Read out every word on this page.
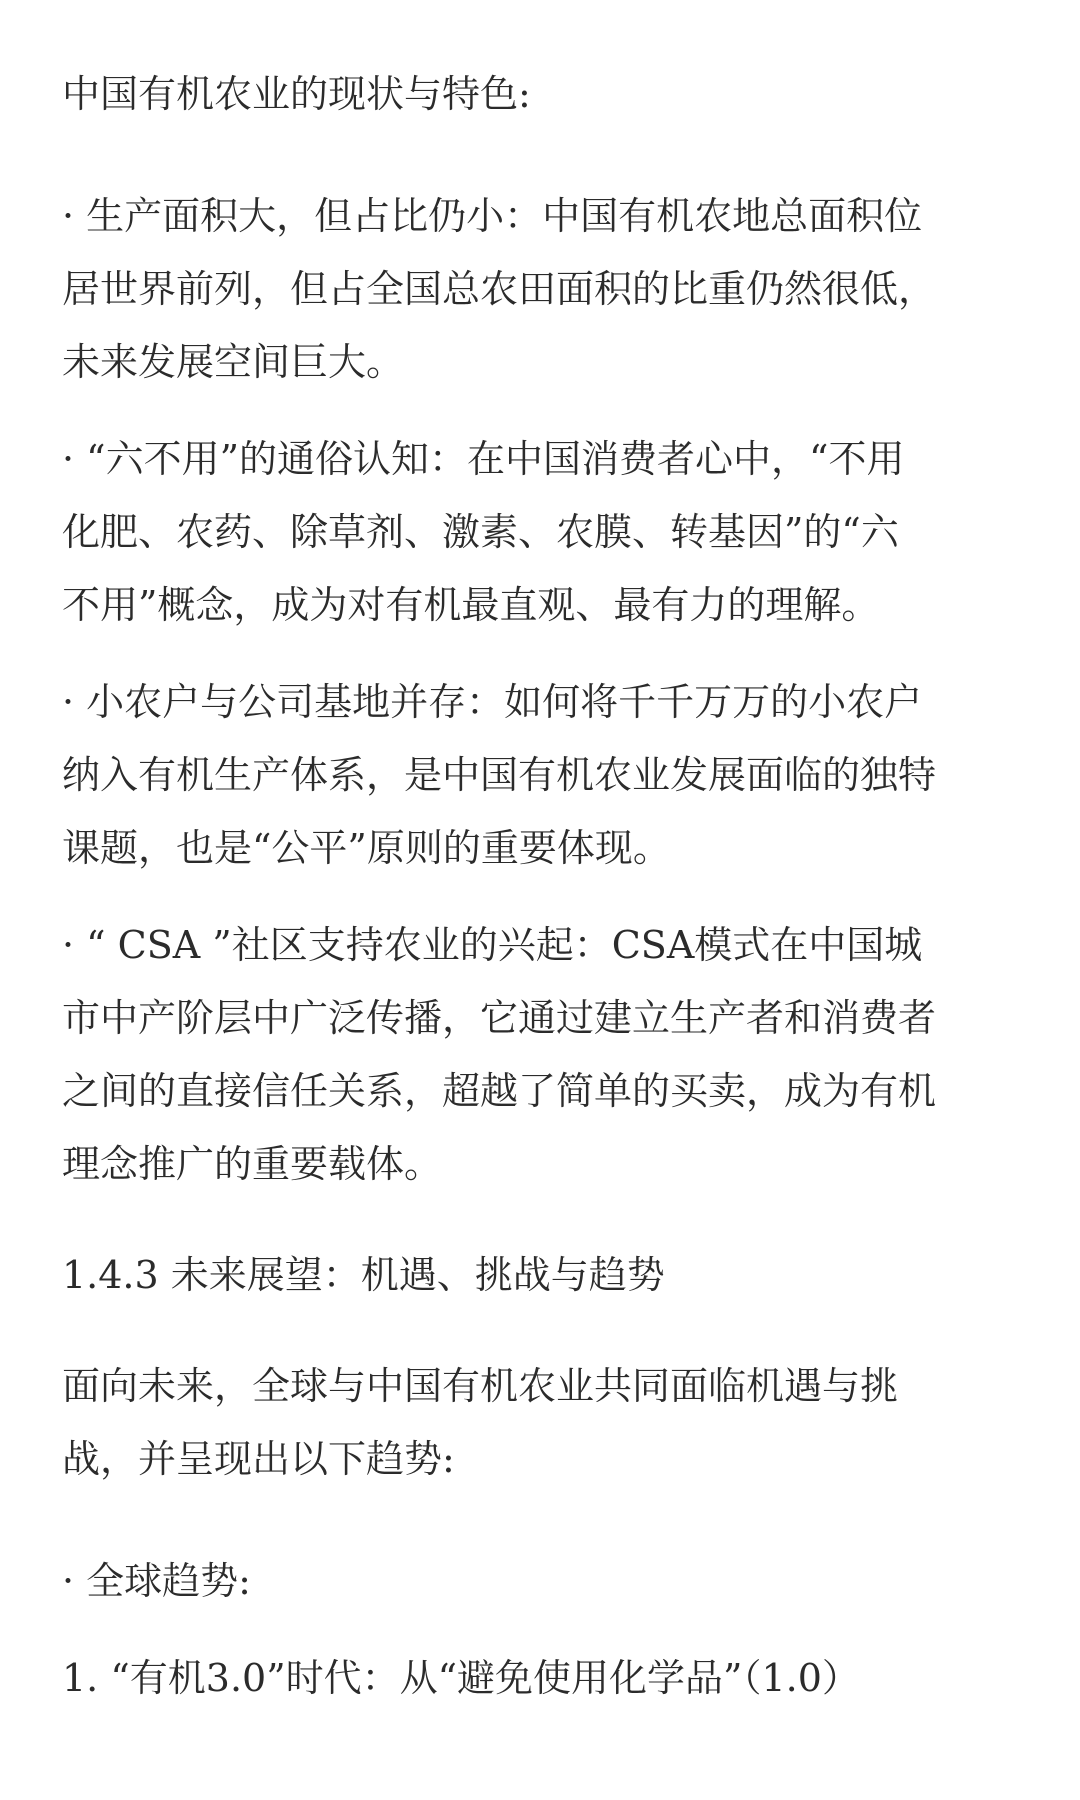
中国有机农业的现状与特色:

· 生产面积大，但占比仍小：中国有机农地总面积位
居世界前列，但占全国总农田面积的比重仍然很低，
未来发展空间巨大。

· “六不用”的通俗认知：在中国消费者心中，“不用
化肥、农药、除草剂、激素、农膜、转基因”的“六
不用”概念，成为对有机最直观、最有力的理解。

· 小农户与公司基地并存：如何将千千万万的小农户
纳入有机生产体系，是中国有机农业发展面临的独特
课题，也是“公平”原则的重要体现。

· “ CSA ”社区支持农业的兴起：CSA模式在中国城
市中产阶层中广泛传播，它通过建立生产者和消费者
之间的直接信任关系，超越了简单的买卖，成为有机
理念推广的重要载体。

1.4.3 未来展望：机遇、挑战与趋势

面向未来，全球与中国有机农业共同面临机遇与挑
战，并呈现出以下趋势:

· 全球趋势:

1. “有机3.0”时代：从“避免使用化学品”（1.0）
